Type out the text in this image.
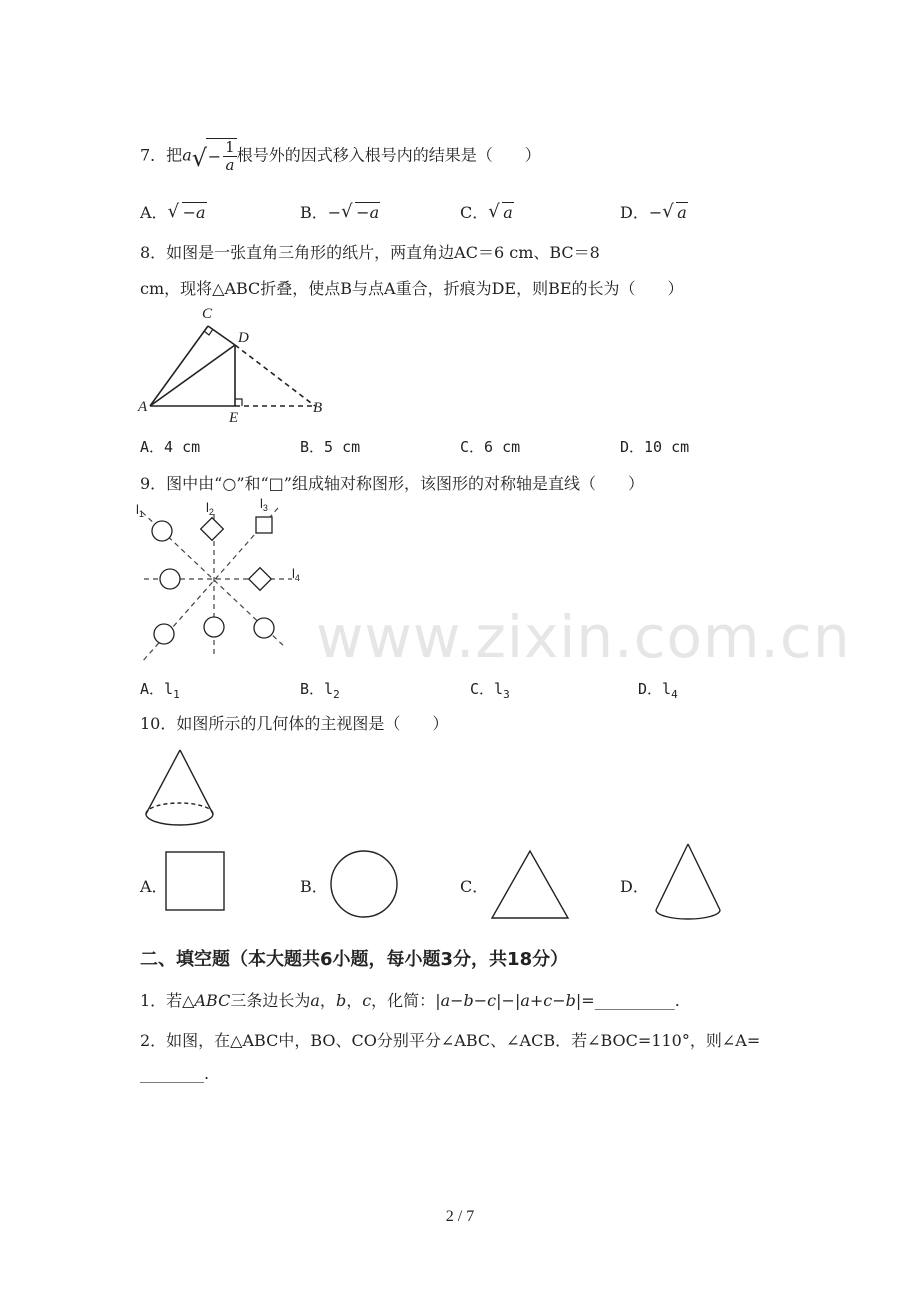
7．把a √ − $\frac{1}{a}$ 根号外的因式移入根号内的结果是（　　）
A． √ −a	B．− √ −a	C． √ a	D．− √ a
8．如图是一张直角三角形的纸片，两直角边AC＝6 cm、BC＝8
cm，现将△ABC折叠，使点B与点A重合，折痕为DE，则BE的长为（　　）
C
D
A
E
B
A．4 cm	B．5 cm	C．6 cm	D．10 cm
9．图中由“○”和“□”组成轴对称图形，该图形的对称轴是直线（　　）
$l_1$	$l_2$
$l_3$
$l_4$
www.zixin.com.cn
A．$l_1$	B．$l_2$	C．$l_3$	D．$l_4$
10．如图所示的几何体的主视图是（　　）
A．	B．	C．	D．
二、填空题（本大题共6小题，每小题3分，共18分）
1．若△ABC三条边长为a，b，c，化简：|a−b−c|−|a+c−b|=__________.
2．如图，在△ABC中，BO、CO分别平分∠ABC、∠ACB．若∠BOC=110°，则∠A=
________.
2 / 7
